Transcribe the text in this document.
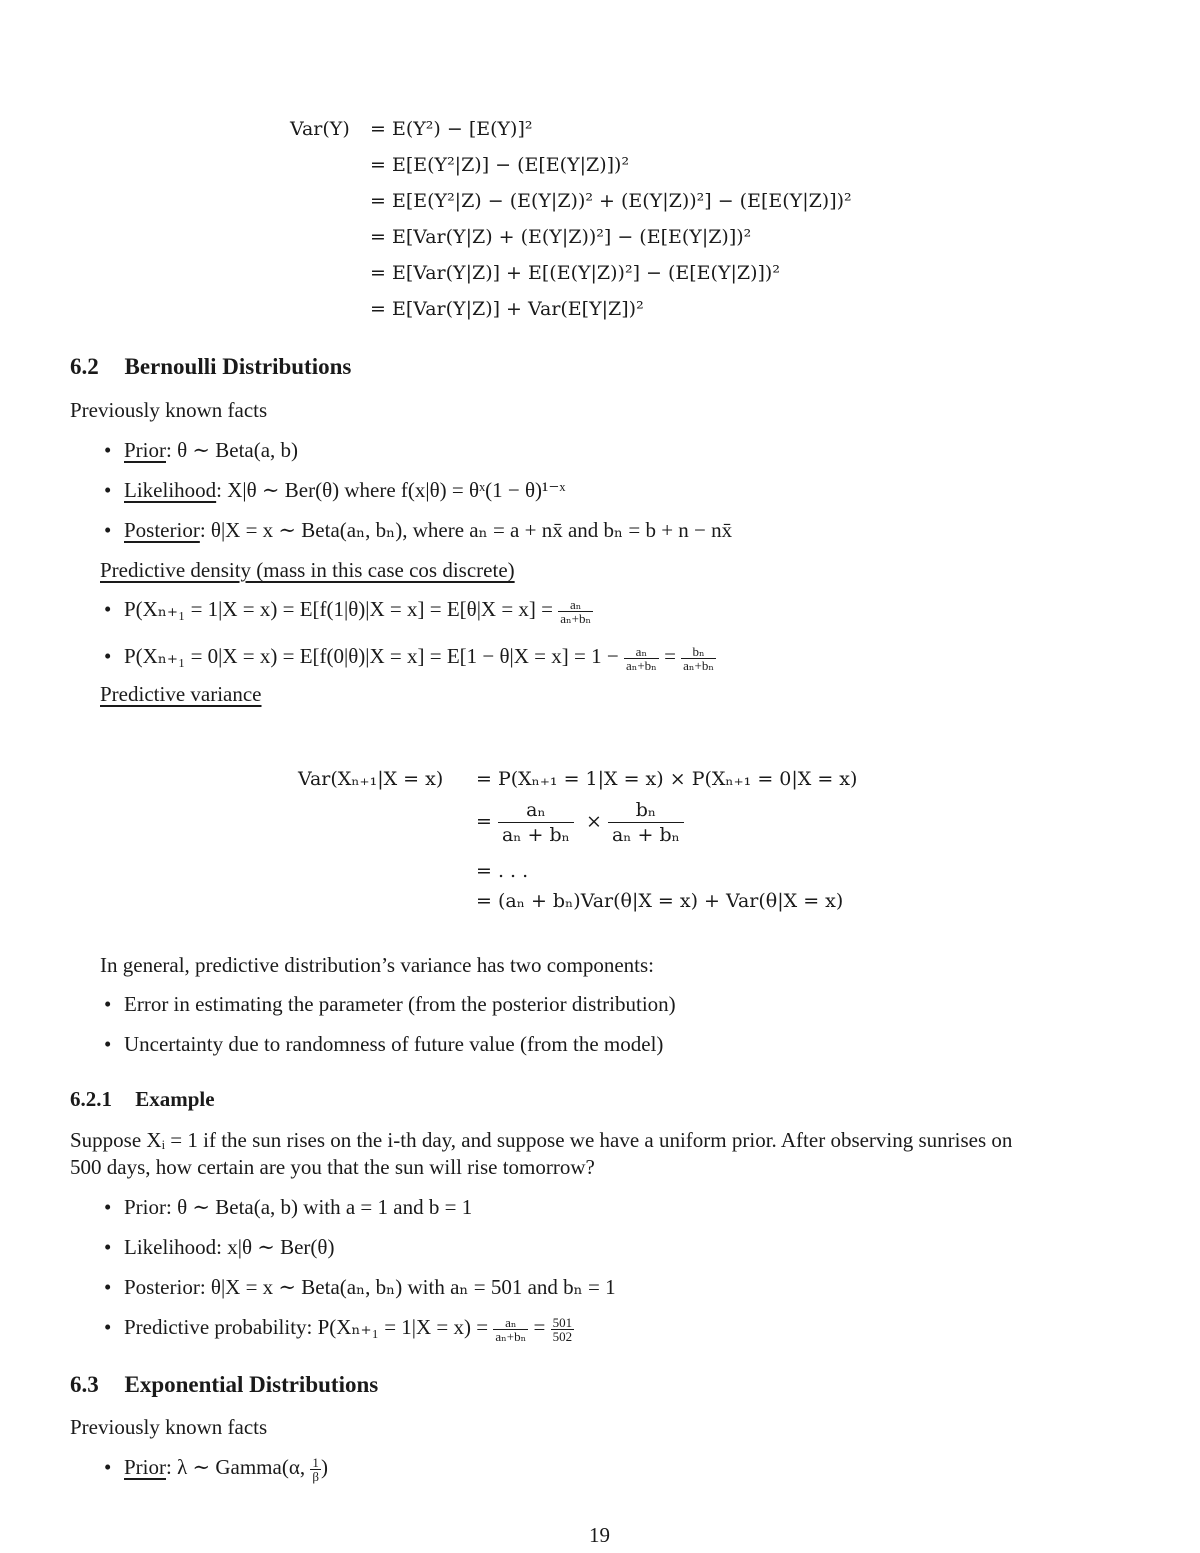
Var(Y) = E(Y²) − [E(Y)]²
= E[E(Y²|Z)] − (E[E(Y|Z)])²
= E[E(Y²|Z) − (E(Y|Z))² + (E(Y|Z))²] − (E[E(Y|Z)])²
= E[Var(Y|Z) + (E(Y|Z))²] − (E[E(Y|Z)])²
= E[Var(Y|Z)] + E[(E(Y|Z))²] − (E[E(Y|Z)])²
= E[Var(Y|Z)] + Var(E[Y|Z])²
6.2 Bernoulli Distributions
Previously known facts
• Prior: θ ∼ Beta(a, b)
• Likelihood: X|θ ∼ Ber(θ) where f(x|θ) = θˣ(1 − θ)¹⁻ˣ
• Posterior: θ|X = x ∼ Beta(aₙ, bₙ), where aₙ = a + nx̄ and bₙ = b + n − nx̄
Predictive density (mass in this case cos discrete)
• $P(X_{n+1} = 1|X = x) = E[f(1|\theta)|X = x] = E[\theta|X = x] = \frac{\text{aₙ}}{\text{aₙ+bₙ}}$
• $P(X_{n+1} = 0|X = x) = E[f(0|\theta)|X = x] = E[1 - \theta|X = x] = 1 - \frac{\text{aₙ}}{\text{aₙ+bₙ}} = \frac{\text{bₙ}}{\text{aₙ+bₙ}}$
Predictive variance
Var(Xₙ₊₁|X = x) = P(Xₙ₊₁ = 1|X = x) × P(Xₙ₊₁ = 0|X = x)
= $\frac{\text{aₙ}}{\text{aₙ + bₙ}} \times \frac{\text{bₙ}}{\text{aₙ + bₙ}}$
= . . .
= (aₙ + bₙ)Var(θ|X = x) + Var(θ|X = x)
In general, predictive distribution’s variance has two components:
• Error in estimating the parameter (from the posterior distribution)
• Uncertainty due to randomness of future value (from the model)
6.2.1 Example
Suppose Xᵢ = 1 if the sun rises on the i-th day, and suppose we have a uniform prior. After observing sunrises on
500 days, how certain are you that the sun will rise tomorrow?
• Prior: θ ∼ Beta(a, b) with a = 1 and b = 1
• Likelihood: x|θ ∼ Ber(θ)
• Posterior: θ|X = x ∼ Beta(aₙ, bₙ) with aₙ = 501 and bₙ = 1
• Predictive probability: $P(X_{n+1} = 1|X = x) = \frac{\text{aₙ}}{\text{aₙ+bₙ}} = \frac{501}{502}$
6.3 Exponential Distributions
Previously known facts
• Prior: λ ∼ Gamma(α, $\frac{1}{\beta}$ )
19
